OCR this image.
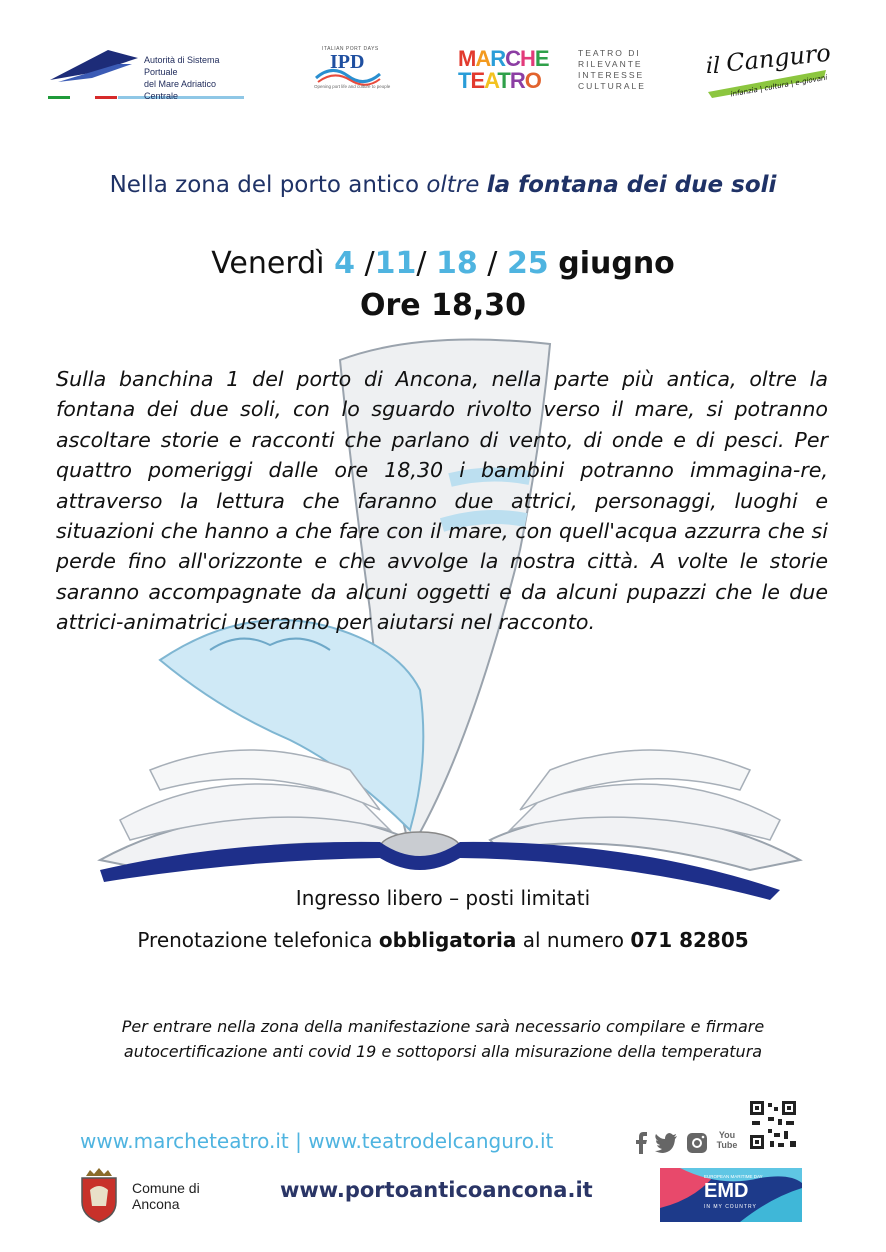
Autorità di Sistema Portuale
del Mare Adriatico Centrale
ITALIAN PORT DAYS
IPD
Opening port life and culture to people
MARCHE
TEATRO
TEATRO DI
RILEVANTE
INTERESSE
CULTURALE
il Canguro
infanzia | cultura | e-giovani
Nella zona del porto antico oltre la fontana dei due soli
Venerdì 4 /11/ 18 / 25 giugno
Ore 18,30
Sulla banchina 1 del porto di Ancona, nella parte più antica, oltre la fontana dei due soli, con lo sguardo rivolto verso il mare, si potranno ascoltare storie e racconti che parlano di vento, di onde e di pesci. Per quattro pomeriggi dalle ore 18,30 i bambini potranno immagina-re, attraverso la lettura che faranno due attrici, personaggi, luoghi e situazioni che hanno a che fare con il mare, con quell'acqua azzurra che si perde fino all'orizzonte e che avvolge la nostra città. A volte le storie saranno accompagnate da alcuni oggetti e da alcuni pupazzi che le due attrici-animatrici useranno per aiutarsi nel racconto.
Ingresso libero – posti limitati
Prenotazione telefonica obbligatoria al numero 071 82805
Per entrare nella zona della manifestazione sarà necessario compilare e firmare
autocertificazione anti covid 19 e sottoporsi alla misurazione della temperatura
www.marcheteatro.it | www.teatrodelcanguro.it	You Tube
Comune di
Ancona
www.portoanticoancona.it
EUROPEAN MARITIME DAY
EMD
IN MY COUNTRY
